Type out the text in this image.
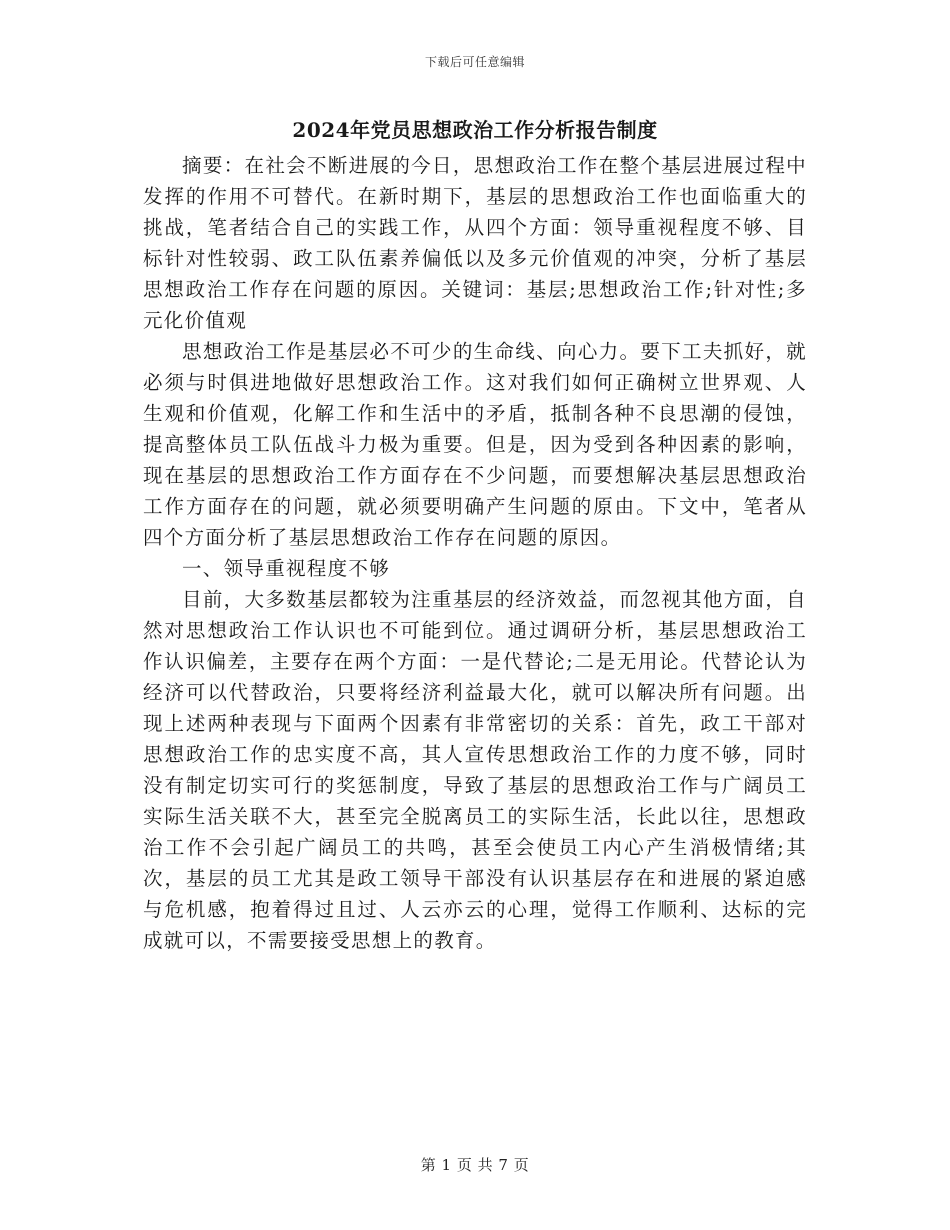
下载后可任意编辑
2024年党员思想政治工作分析报告制度

摘要：在社会不断进展的今日，思想政治工作在整个基层进展过程中发挥的作用不可替代。在新时期下，基层的思想政治工作也面临重大的挑战，笔者结合自己的实践工作，从四个方面：领导重视程度不够、目标针对性较弱、政工队伍素养偏低以及多元价值观的冲突，分析了基层思想政治工作存在问题的原因。关键词：基层;思想政治工作;针对性;多元化价值观

思想政治工作是基层必不可少的生命线、向心力。要下工夫抓好，就必须与时俱进地做好思想政治工作。这对我们如何正确树立世界观、人生观和价值观，化解工作和生活中的矛盾，抵制各种不良思潮的侵蚀，提高整体员工队伍战斗力极为重要。但是，因为受到各种因素的影响，现在基层的思想政治工作方面存在不少问题，而要想解决基层思想政治工作方面存在的问题，就必须要明确产生问题的原由。下文中，笔者从四个方面分析了基层思想政治工作存在问题的原因。

一、领导重视程度不够

目前，大多数基层都较为注重基层的经济效益，而忽视其他方面，自然对思想政治工作认识也不可能到位。通过调研分析，基层思想政治工作认识偏差，主要存在两个方面：一是代替论;二是无用论。代替论认为经济可以代替政治，只要将经济利益最大化，就可以解决所有问题。出现上述两种表现与下面两个因素有非常密切的关系：首先，政工干部对思想政治工作的忠实度不高，其人宣传思想政治工作的力度不够，同时没有制定切实可行的奖惩制度，导致了基层的思想政治工作与广阔员工实际生活关联不大，甚至完全脱离员工的实际生活，长此以往，思想政治工作不会引起广阔员工的共鸣，甚至会使员工内心产生消极情绪;其次，基层的员工尤其是政工领导干部没有认识基层存在和进展的紧迫感与危机感，抱着得过且过、人云亦云的心理，觉得工作顺利、达标的完成就可以，不需要接受思想上的教育。

第 1 页 共 7 页
